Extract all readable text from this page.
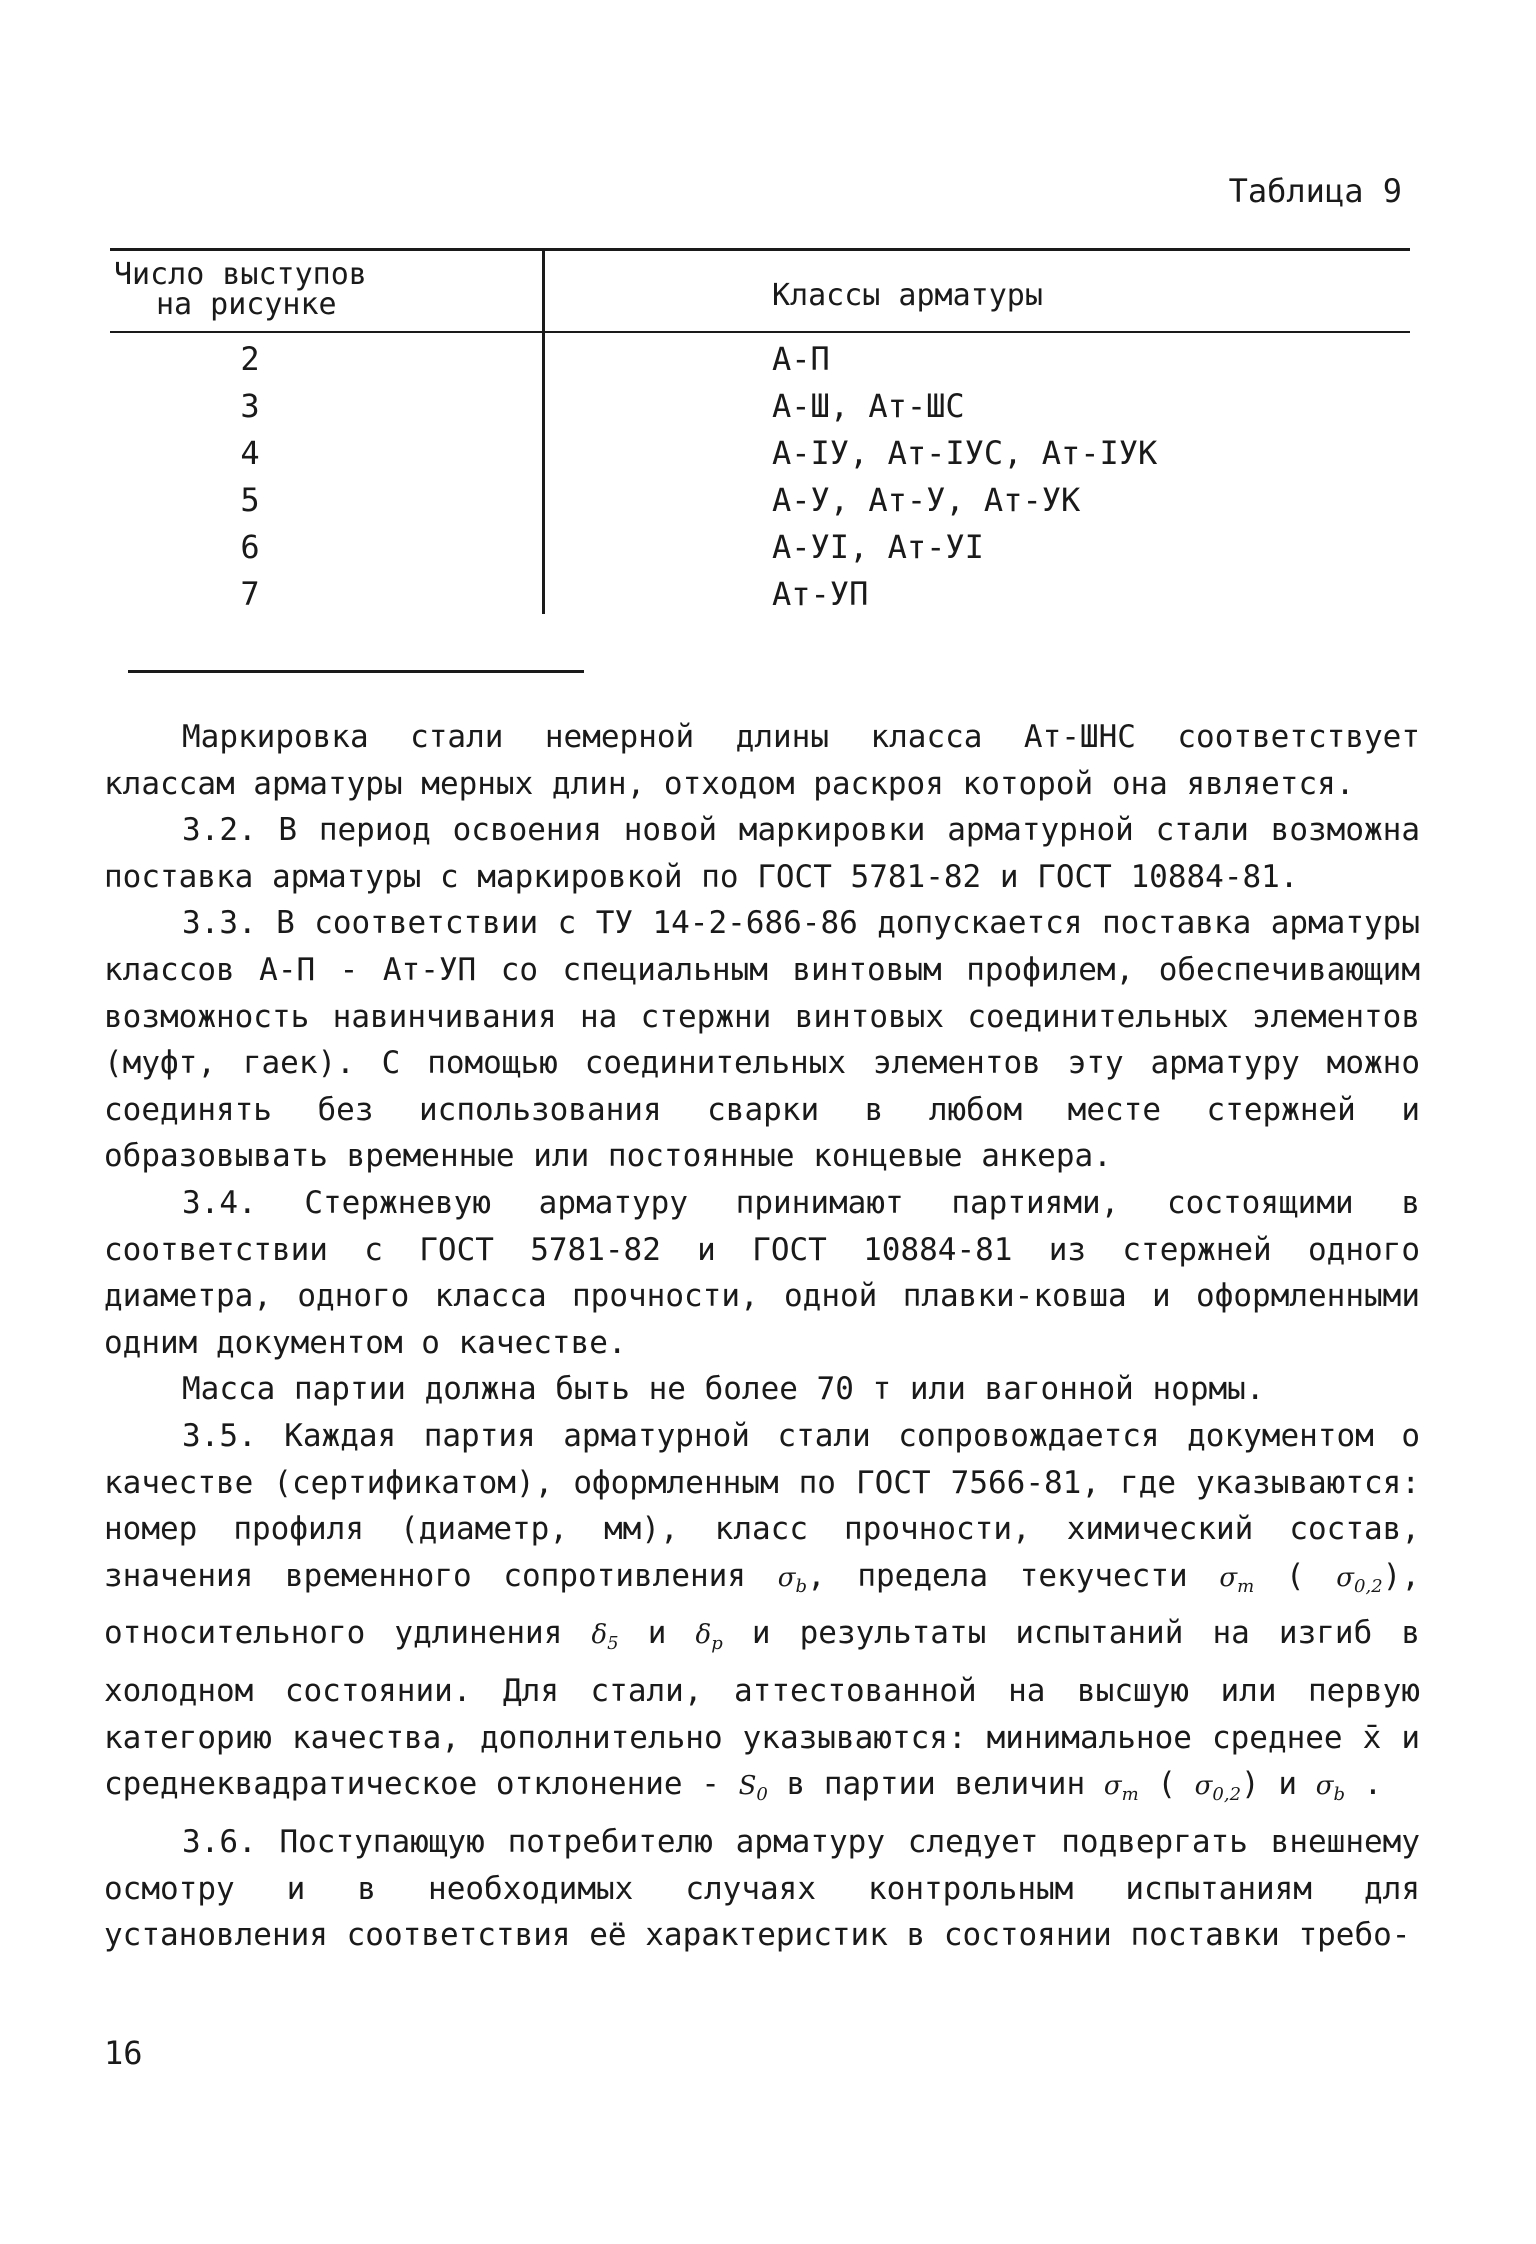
Таблица 9
Число выступов
на рисунке	Классы арматуры
2	А-П
3	А-Ш, Ат-ШС
4	А-IУ, Ат-IУС, Ат-IУК
5	А-У, Ат-У, Ат-УК
6	А-УI, Ат-УI
7	Ат-УП

Маркировка стали немерной длины класса Ат-ШНС соответствует классам арматуры мерных длин, отходом раскроя которой она является.

3.2. В период освоения новой маркировки арматурной стали возможна поставка арматуры с маркировкой по ГОСТ 5781-82 и ГОСТ 10884-81.

3.3. В соответствии с ТУ 14-2-686-86 допускается поставка арматуры классов А-П - Ат-УП со специальным винтовым профилем, обеспечивающим возможность навинчивания на стержни винтовых соединительных элементов (муфт, гаек). С помощью соединительных элементов эту арматуру можно соединять без использования сварки в любом месте стержней и образовывать временные или постоянные концевые анкера.

3.4. Стержневую арматуру принимают партиями, состоящими в соответствии с ГОСТ 5781-82 и ГОСТ 10884-81 из стержней одного диаметра, одного класса прочности, одной плавки-ковша и оформленными одним документом о качестве.

Масса партии должна быть не более 70 т или вагонной нормы.

3.5. Каждая партия арматурной стали сопровождается документом о качестве (сертификатом), оформленным по ГОСТ 7566-81, где указываются: номер профиля (диаметр, мм), класс прочности, химический состав, значения временного сопротивления $\sigma_b$, предела текучести $\sigma_т$ ( $\sigma_{0,2}$), относительного удлинения $\delta_5$ и $\delta_р$ и результаты испытаний на изгиб в холодном состоянии. Для стали, аттестованной на высшую или первую категорию качества, дополнительно указываются: минимальное среднее x̄ и среднеквадратическое отклонение - $S_0$ в партии величин $\sigma_т$ ( $\sigma_{0,2}$) и $\sigma_b$ .

3.6. Поступающую потребителю арматуру следует подвергать внешнему осмотру и в необходимых случаях контрольным испытаниям для установления соответствия её характеристик в состоянии поставки требо-

16
